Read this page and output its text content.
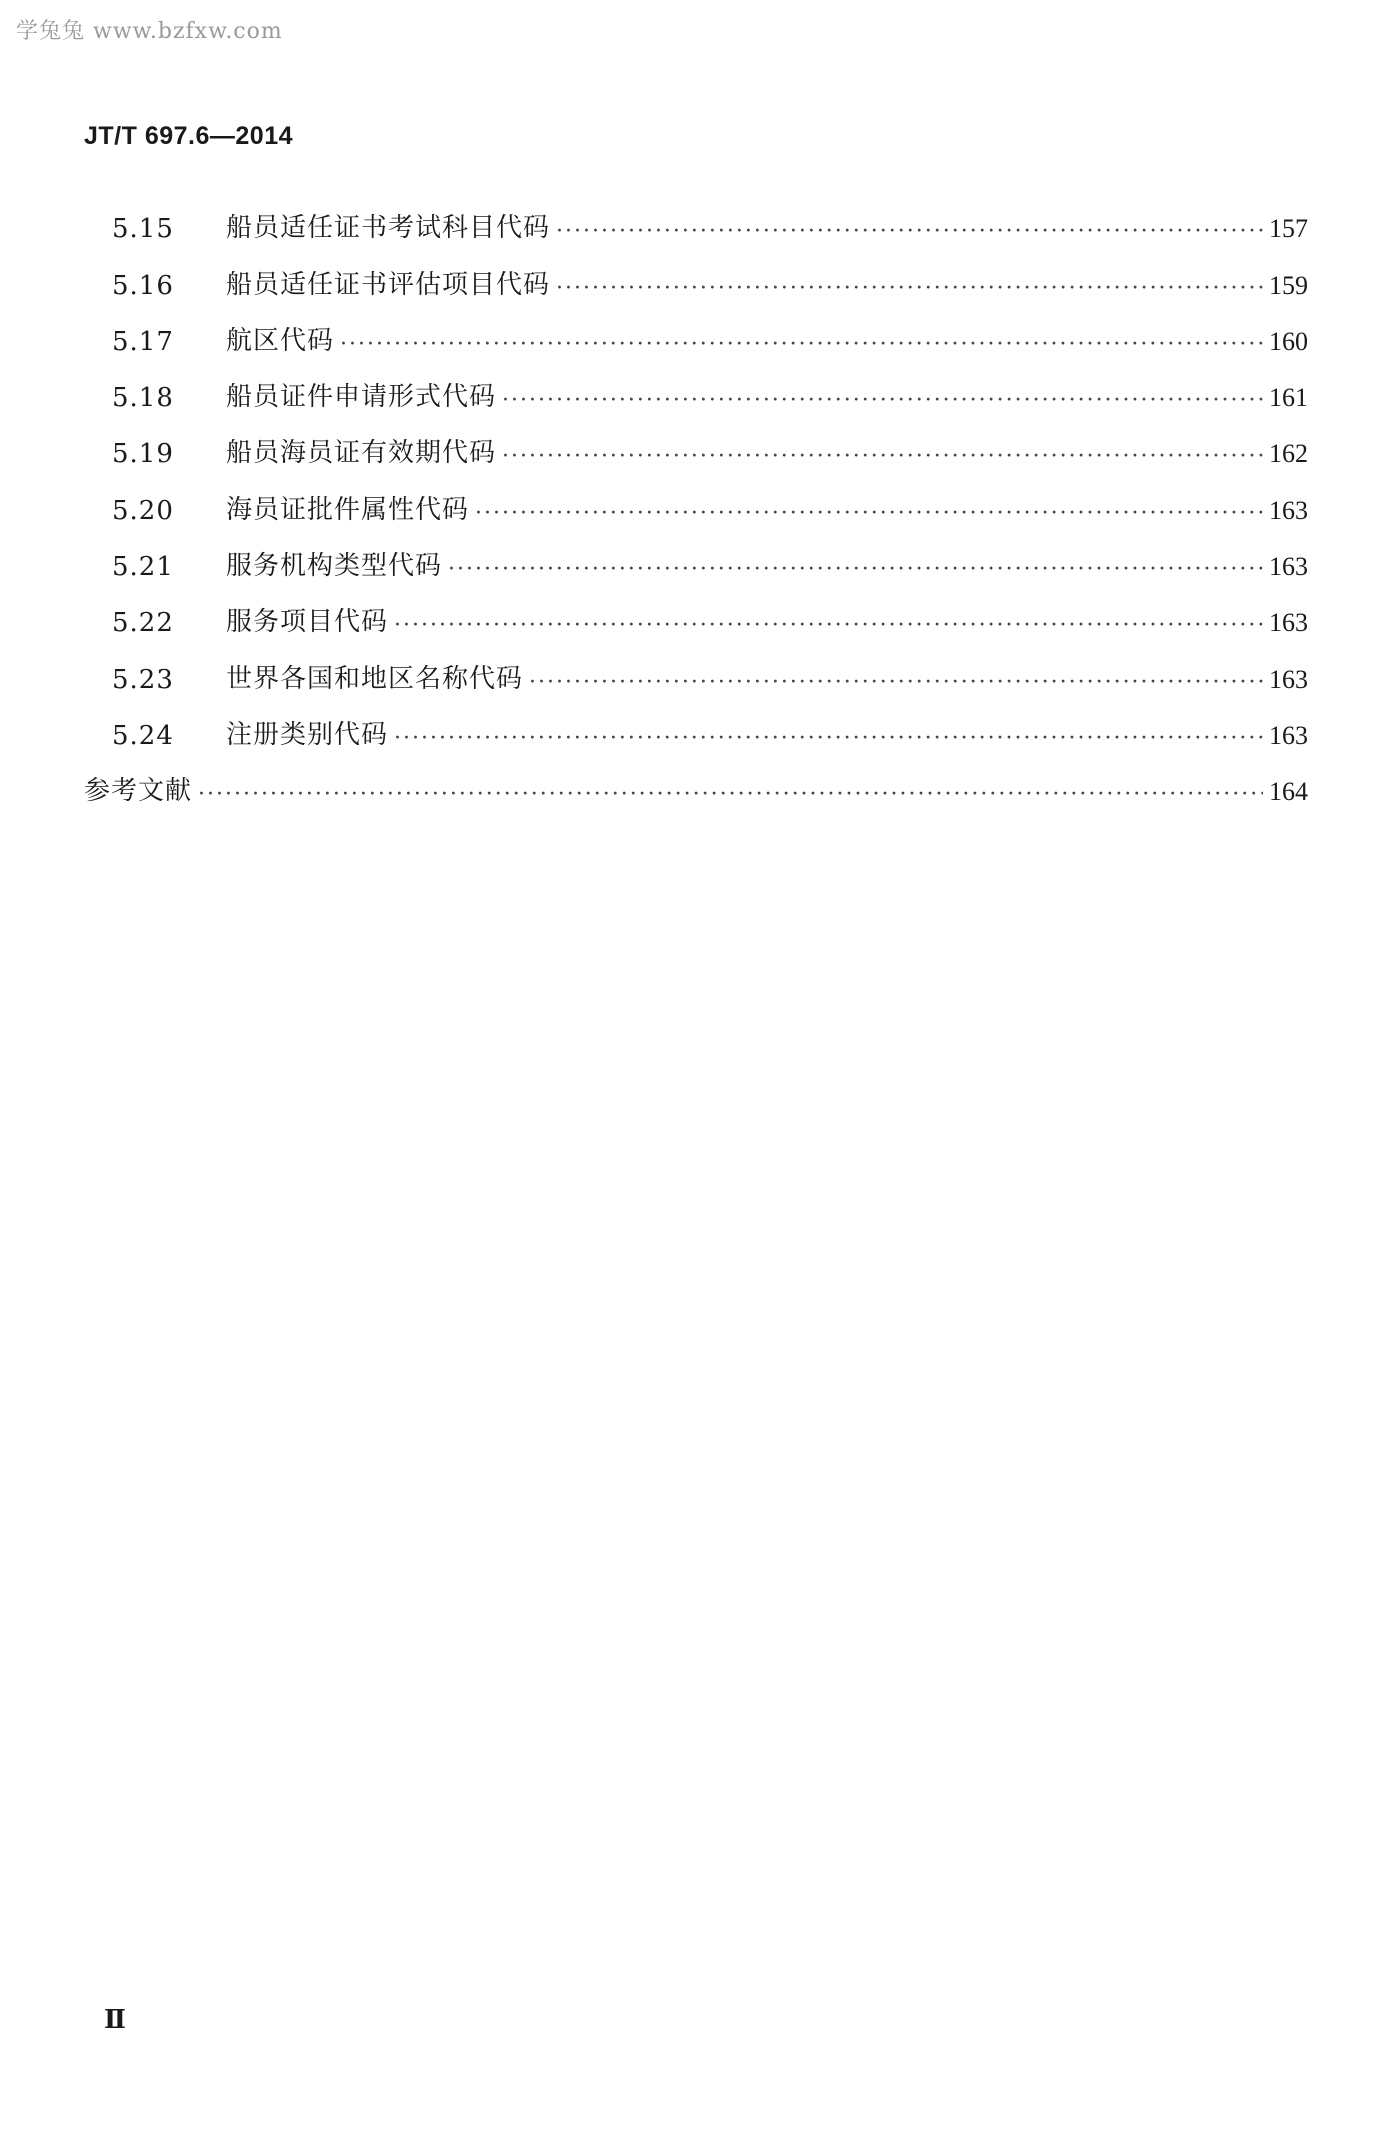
学兔兔 www.bzfxw.com
JT/T 697.6—2014
5.15	船员适任证书考试科目代码 ·····	157
5.16	船员适任证书评估项目代码 ·····	159
5.17	航区代码 ·····	160
5.18	船员证件申请形式代码 ·····	161
5.19	船员海员证有效期代码 ·····	162
5.20	海员证批件属性代码 ·····	163
5.21	服务机构类型代码 ·····	163
5.22	服务项目代码 ·····	163
5.23	世界各国和地区名称代码 ·····	163
5.24	注册类别代码 ·····	163
参考文献 ·····	164
Ⅱ
